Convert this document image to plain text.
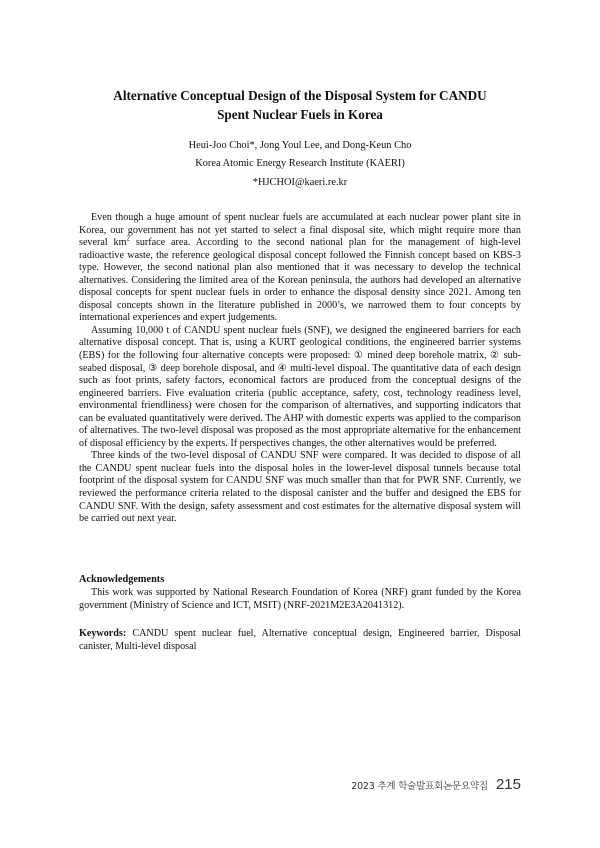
Alternative Conceptual Design of the Disposal System for CANDU
Spent Nuclear Fuels in Korea
Heui-Joo Choi*, Jong Youl Lee, and Dong-Keun Cho
Korea Atomic Energy Research Institute (KAERI)
*HJCHOI@kaeri.re.kr

Even though a huge amount of spent nuclear fuels are accumulated at each nuclear power plant site in Korea, our government has not yet started to select a final disposal site, which might require more than several $km^2$ surface area. According to the second national plan for the management of high-level radioactive waste, the reference geological disposal concept followed the Finnish concept based on KBS-3 type. However, the second national plan also mentioned that it was necessary to develop the technical alternatives. Considering the limited area of the Korean peninsula, the authors had developed an alternative disposal concepts for spent nuclear fuels in order to enhance the disposal density since 2021. Among ten disposal concepts shown in the literature published in 2000’s, we narrowed them to four concepts by international experiences and expert judgements.

Assuming 10,000 t of CANDU spent nuclear fuels (SNF), we designed the engineered barriers for each alternative disposal concept. That is, using a KURT geological conditions, the engineered barrier systems (EBS) for the following four alternative concepts were proposed: ① mined deep borehole matrix, ② sub-seabed disposal, ③ deep borehole disposal, and ④ multi-level dispoal. The quantitative data of each design such as foot prints, safety factors, economical factors are produced from the conceptual designs of the engineered barriers. Five evaluation criteria (public acceptance, safety, cost, technology readiness level, environmental friendliness) were chosen for the comparison of alternatives, and supporting indicators that can be evaluated quantitatively were derived. The AHP with domestic experts was applied to the comparison of alternatives. The two-level disposal was proposed as the most appropriate alternative for the enhancement of disposal efficiency by the experts. If perspectives changes, the other alternatives would be preferred.

Three kinds of the two-level disposal of CANDU SNF were compared. It was decided to dispose of all the CANDU spent nuclear fuels into the disposal holes in the lower-level disposal tunnels because total footprint of the disposal system for CANDU SNF was much smaller than that for PWR SNF. Currently, we reviewed the performance criteria related to the disposal canister and the buffer and designed the EBS for CANDU SNF. With the design, safety assessment and cost estimates for the alternative disposal system will be carried out next year.

Acknowledgements
This work was supported by National Research Foundation of Korea (NRF) grant funded by the Korea government (Ministry of Science and ICT, MSIT) (NRF-2021M2E3A2041312).
Keywords: CANDU spent nuclear fuel, Alternative conceptual design, Engineered barrier, Disposal canister, Multi-level disposal
2023 추계 학술발표회논문요약집 215
